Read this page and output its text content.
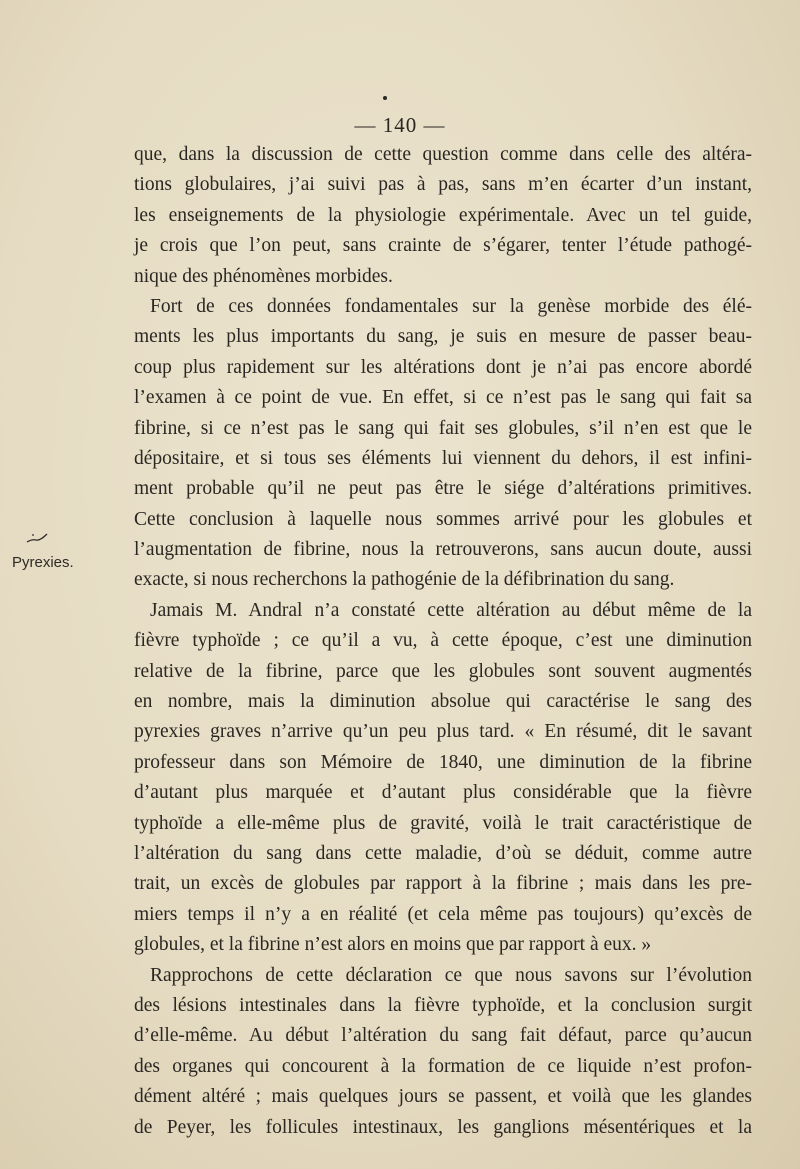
— 140 —
Pyrexies.
que, dans la discussion de cette question comme dans celle des altéra-
tions globulaires, j’ai suivi pas à pas, sans m’en écarter d’un instant,
les enseignements de la physiologie expérimentale. Avec un tel guide,
je crois que l’on peut, sans crainte de s’égarer, tenter l’étude pathogé-
nique des phénomènes morbides.
Fort de ces données fondamentales sur la genèse morbide des élé-
ments les plus importants du sang, je suis en mesure de passer beau-
coup plus rapidement sur les altérations dont je n’ai pas encore abordé
l’examen à ce point de vue. En effet, si ce n’est pas le sang qui fait sa
fibrine, si ce n’est pas le sang qui fait ses globules, s’il n’en est que le
dépositaire, et si tous ses éléments lui viennent du dehors, il est infini-
ment probable qu’il ne peut pas être le siége d’altérations primitives.
Cette conclusion à laquelle nous sommes arrivé pour les globules et
l’augmentation de fibrine, nous la retrouverons, sans aucun doute, aussi
exacte, si nous recherchons la pathogénie de la défibrination du sang.
Jamais M. Andral n’a constaté cette altération au début même de la
fièvre typhoïde ; ce qu’il a vu, à cette époque, c’est une diminution
relative de la fibrine, parce que les globules sont souvent augmentés
en nombre, mais la diminution absolue qui caractérise le sang des
pyrexies graves n’arrive qu’un peu plus tard. « En résumé, dit le savant
professeur dans son Mémoire de 1840, une diminution de la fibrine
d’autant plus marquée et d’autant plus considérable que la fièvre
typhoïde a elle-même plus de gravité, voilà le trait caractéristique de
l’altération du sang dans cette maladie, d’où se déduit, comme autre
trait, un excès de globules par rapport à la fibrine ; mais dans les pre-
miers temps il n’y a en réalité (et cela même pas toujours) qu’excès de
globules, et la fibrine n’est alors en moins que par rapport à eux. »
Rapprochons de cette déclaration ce que nous savons sur l’évolution
des lésions intestinales dans la fièvre typhoïde, et la conclusion surgit
d’elle-même. Au début l’altération du sang fait défaut, parce qu’aucun
des organes qui concourent à la formation de ce liquide n’est profon-
dément altéré ; mais quelques jours se passent, et voilà que les glandes
de Peyer, les follicules intestinaux, les ganglions mésentériques et la
